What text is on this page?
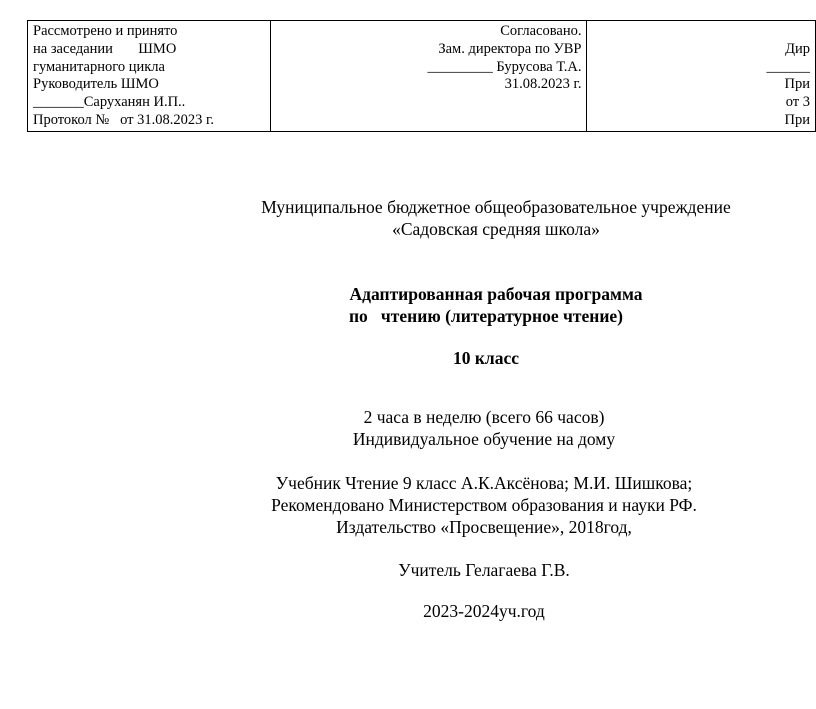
Рассмотрено и принято
на заседании       ШМО
гуманитарного цикла
Руководитель ШМО
_______Саруханян И.П..
Протокол №   от 31.08.2023 г.

Согласовано.
Зам. директора по УВР
_________ Бурусова Т.А.
31.08.2023 г.

Дир
______
При
от 3
При
Муниципальное бюджетное общеобразовательное учреждение
«Садовская средняя школа»
Адаптированная рабочая программа
по   чтению (литературное чтение)
10 класс
2 часа в неделю (всего 66 часов)
Индивидуальное обучение на дому
Учебник Чтение 9 класс А.К.Аксёнова; М.И. Шишкова;
Рекомендовано Министерством образования и науки РФ.
Издательство «Просвещение», 2018год,
Учитель Гелагаева Г.В.
2023-2024уч.год
